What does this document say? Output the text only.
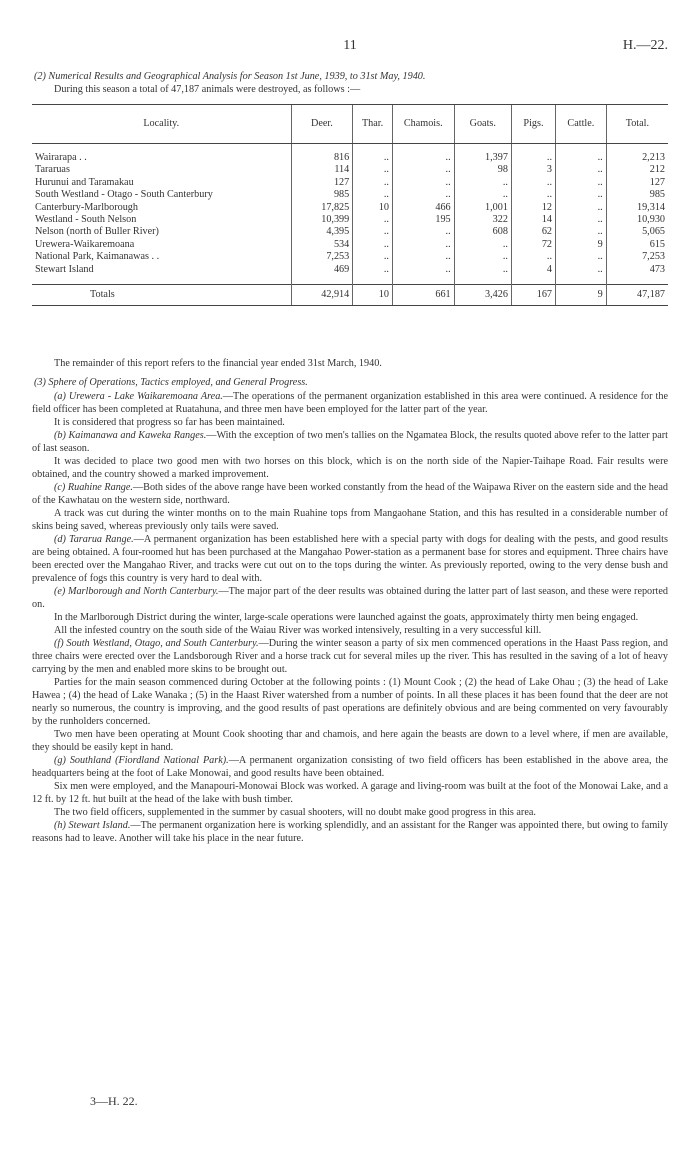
11	H.—22.

(2) Numerical Results and Geographical Analysis for Season 1st June, 1939, to 31st May, 1940.

During this season a total of 47,187 animals were destroyed, as follows :—

Locality.	Deer.	Thar.	Chamois.	Goats.	Pigs.	Cattle.	Total.

Wairarapa . .	816	..	..	1,397	..	..	2,213
Tararuas	114	..	..	98	3	..	212
Hurunui and Taramakau	127	..	..	..	..	..	127
South Westland - Otago - South Canterbury	985	..	..	..	..	..	985
Canterbury-Marlborough	17,825	10	466	1,001	12	..	19,314
Westland - South Nelson	10,399	..	195	322	14	..	10,930
Nelson (north of Buller River)	4,395	..	..	608	62	..	5,065
Urewera-Waikaremoana	534	..	..	..	72	9	615
National Park, Kaimanawas . .	7,253	..	..	..	..	..	7,253
Stewart Island	469	..	..	..	4	..	473

Totals	42,914	10	661	3,426	167	9	47,187

The remainder of this report refers to the financial year ended 31st March, 1940.

(3) Sphere of Operations, Tactics employed, and General Progress.

(a) Urewera - Lake Waikaremoana Area.—The operations of the permanent organization established in this area were continued. A residence for the field officer has been completed at Ruatahuna, and three men have been employed for the latter part of the year.

It is considered that progress so far has been maintained.

(b) Kaimanawa and Kaweka Ranges.—With the exception of two men's tallies on the Ngamatea Block, the results quoted above refer to the latter part of last season.

It was decided to place two good men with two horses on this block, which is on the north side of the Napier-Taihape Road. Fair results were obtained, and the country showed a marked improvement.

(c) Ruahine Range.—Both sides of the above range have been worked constantly from the head of the Waipawa River on the eastern side and the head of the Kawhatau on the western side, northward.

A track was cut during the winter months on to the main Ruahine tops from Mangaohane Station, and this has resulted in a considerable number of skins being saved, whereas previously only tails were saved.

(d) Tararua Range.—A permanent organization has been established here with a special party with dogs for dealing with the pests, and good results are being obtained. A four-roomed hut has been purchased at the Mangahao Power-station as a permanent base for stores and equipment. Three chairs have been erected over the Mangahao River, and tracks were cut out on to the tops during the winter. As previously reported, owing to the very dense bush and prevalence of fogs this country is very hard to deal with.

(e) Marlborough and North Canterbury.—The major part of the deer results was obtained during the latter part of last season, and these were reported on.

In the Marlborough District during the winter, large-scale operations were launched against the goats, approximately thirty men being engaged.

All the infested country on the south side of the Waiau River was worked intensively, resulting in a very successful kill.

(f) South Westland, Otago, and South Canterbury.—During the winter season a party of six men commenced operations in the Haast Pass region, and three chairs were erected over the Landsborough River and a horse track cut for several miles up the river. This has resulted in the saving of a lot of heavy carrying by the men and enabled more skins to be brought out.

Parties for the main season commenced during October at the following points : (1) Mount Cook ; (2) the head of Lake Ohau ; (3) the head of Lake Hawea ; (4) the head of Lake Wanaka ; (5) in the Haast River watershed from a number of points. In all these places it has been found that the deer are not nearly so numerous, the country is improving, and the good results of past operations are definitely obvious and are being commented on very favourably by the runholders concerned.

Two men have been operating at Mount Cook shooting thar and chamois, and here again the beasts are down to a level where, if men are available, they should be easily kept in hand.

(g) Southland (Fiordland National Park).—A permanent organization consisting of two field officers has been established in the above area, the headquarters being at the foot of Lake Monowai, and good results have been obtained.

Six men were employed, and the Manapouri-Monowai Block was worked. A garage and living-room was built at the foot of the Monowai Lake, and a 12 ft. by 12 ft. hut built at the head of the lake with bush timber.

The two field officers, supplemented in the summer by casual shooters, will no doubt make good progress in this area.

(h) Stewart Island.—The permanent organization here is working splendidly, and an assistant for the Ranger was appointed there, but owing to family reasons had to leave. Another will take his place in the near future.

3—H. 22.
